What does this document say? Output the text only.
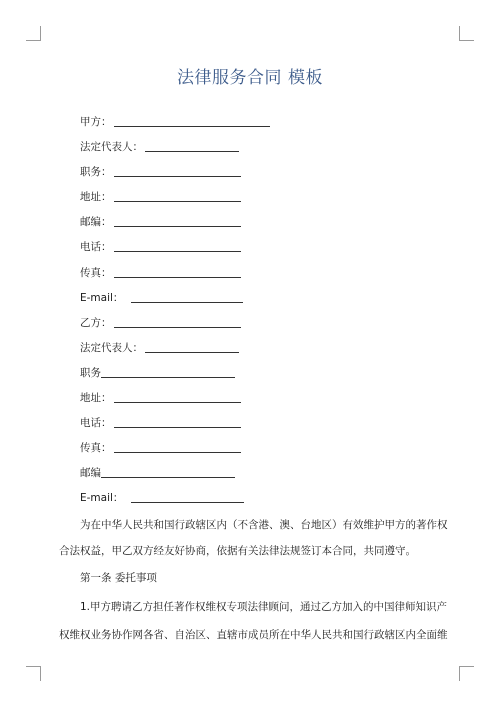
法律服务合同 模板
甲方：
法定代表人：
职务：
地址：
邮编：
电话：
传真：
E-mail：
乙方：
法定代表人：
职务
地址：
电话：
传真：
邮编
E-mail：
为在中华人民共和国行政辖区内（不含港、澳、台地区）有效维护甲方的著作权
合法权益，甲乙双方经友好协商，依据有关法律法规签订本合同，共同遵守。
第一条 委托事项
1.甲方聘请乙方担任著作权维权专项法律顾问，通过乙方加入的中国律师知识产
权维权业务协作网各省、自治区、直辖市成员所在中华人民共和国行政辖区内全面维
